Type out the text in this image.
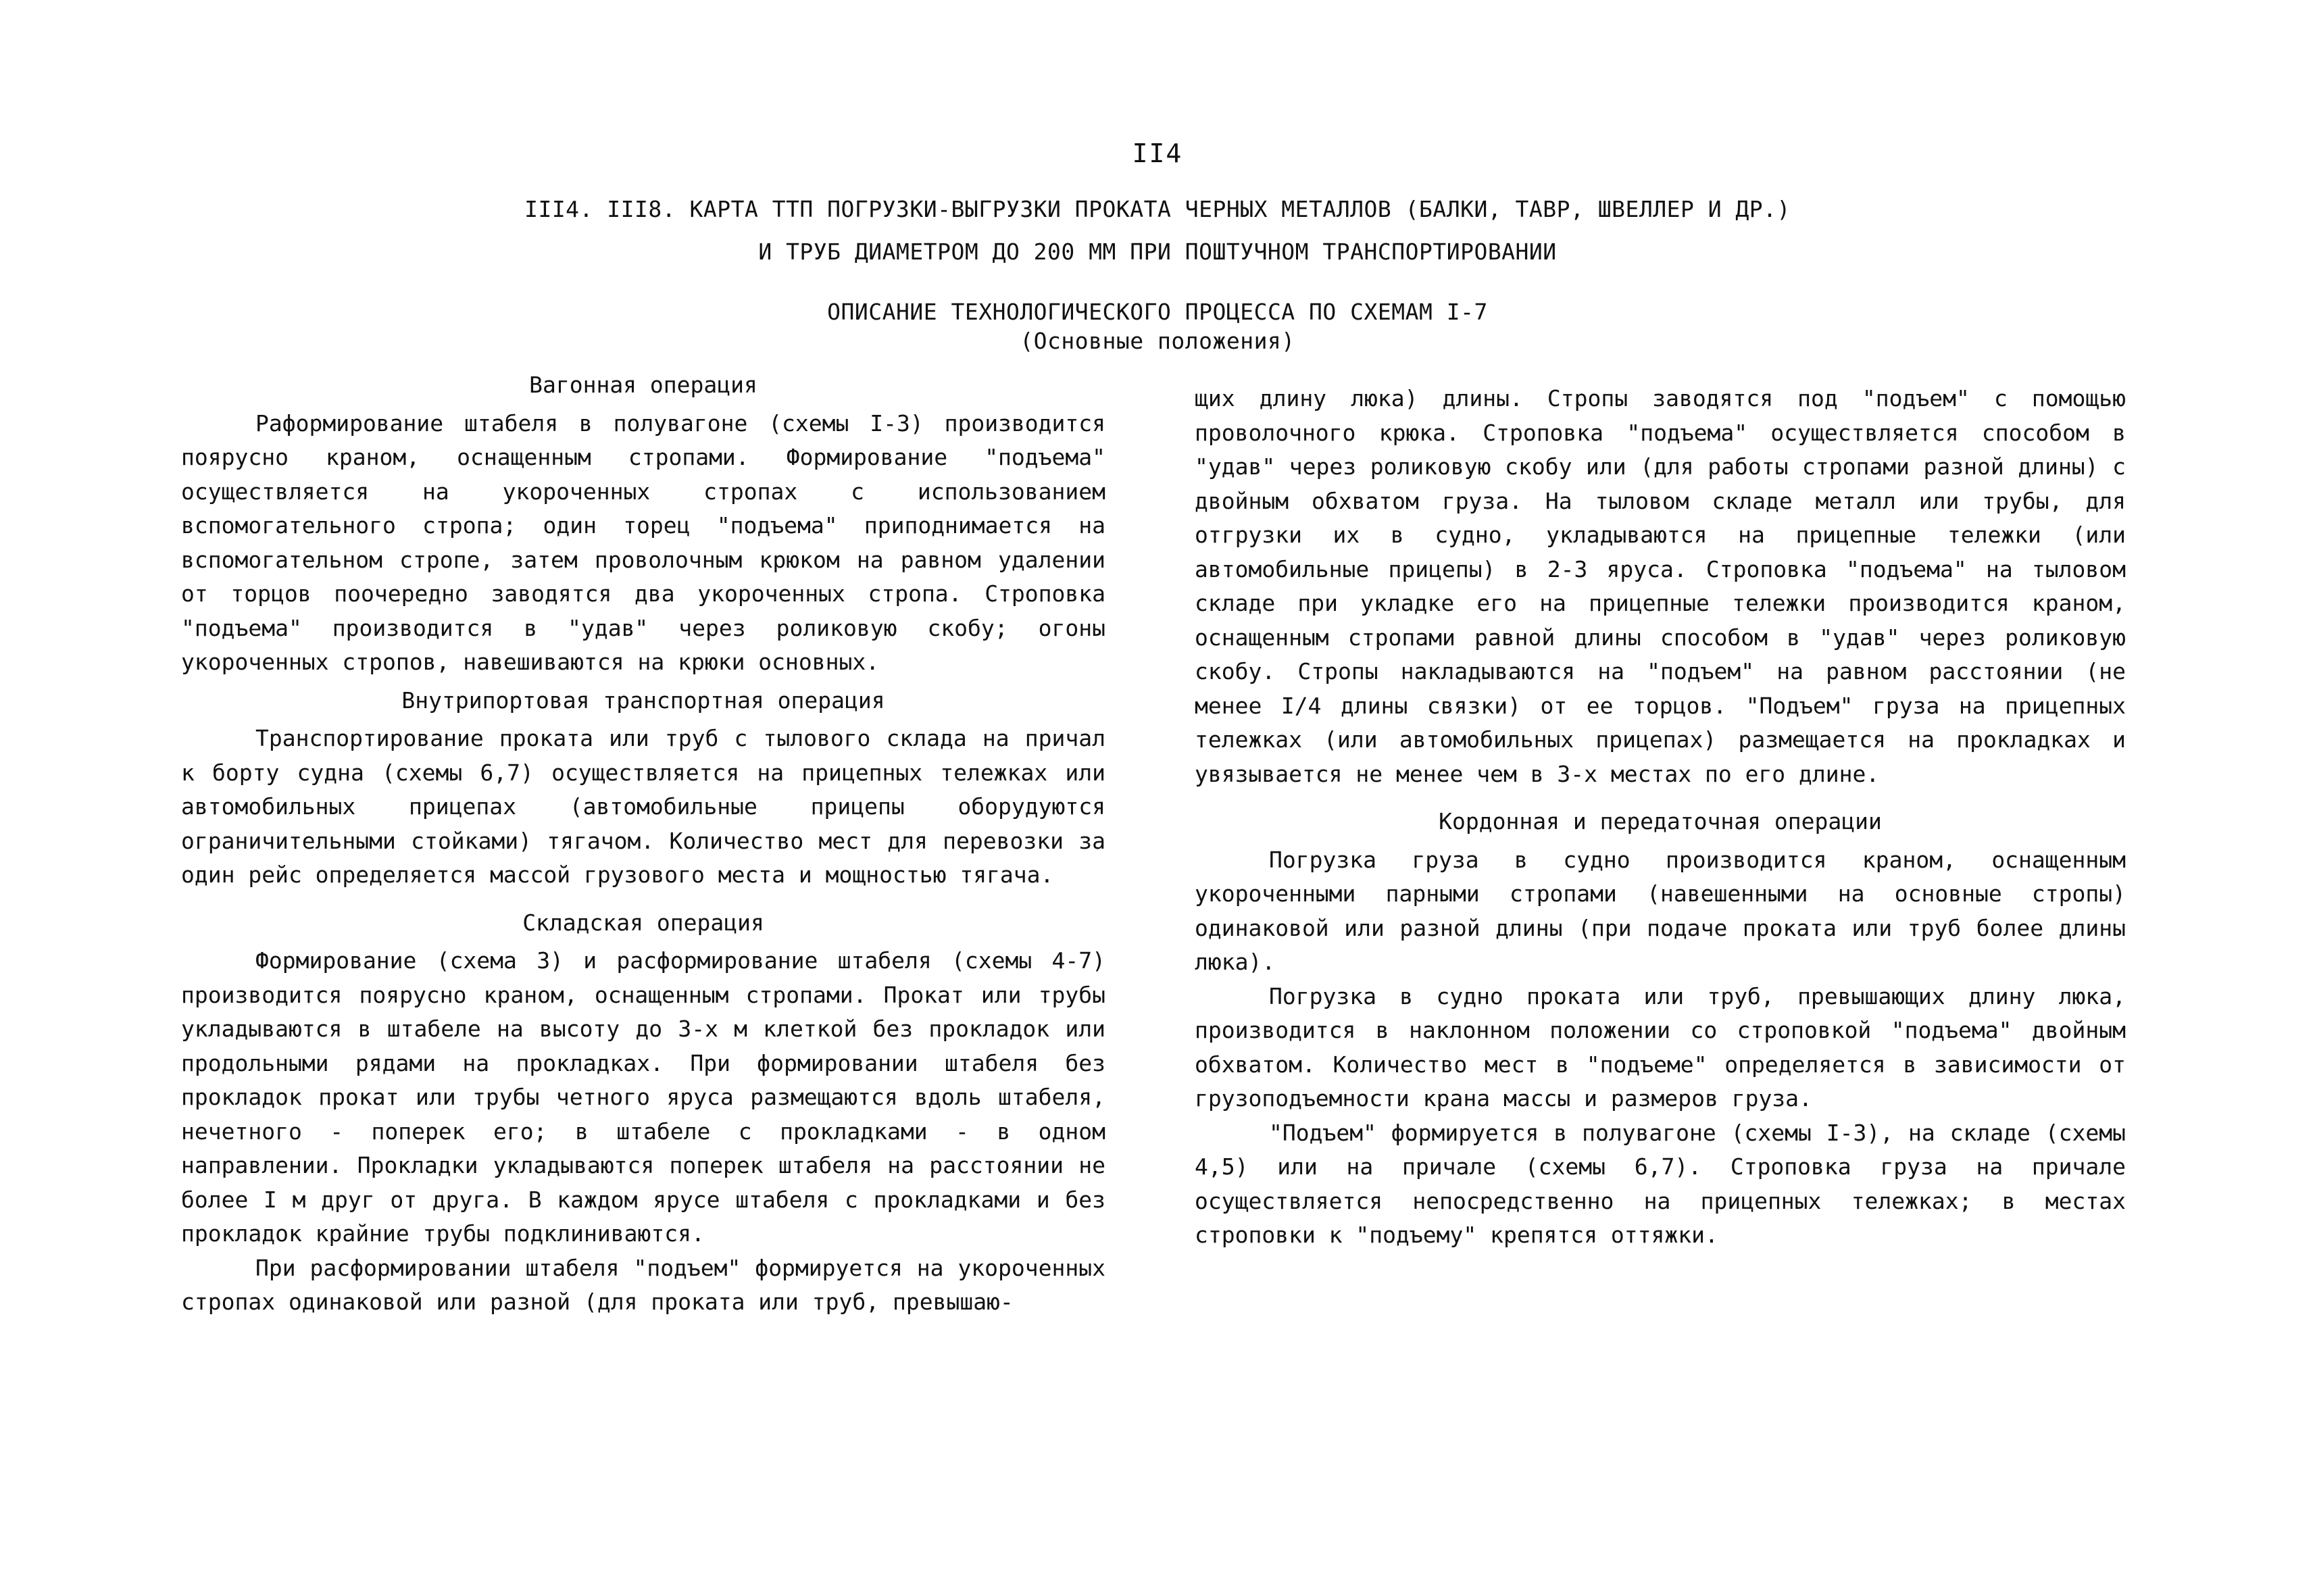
II4
III4. III8. КАРТА ТТП ПОГРУЗКИ-ВЫГРУЗКИ ПРОКАТА ЧЕРНЫХ МЕТАЛЛОВ (БАЛКИ, ТАВР, ШВЕЛЛЕР И ДР.)
И ТРУБ ДИАМЕТРОМ ДО 200 ММ ПРИ ПОШТУЧНОМ ТРАНСПОРТИРОВАНИИ
ОПИСАНИЕ ТЕХНОЛОГИЧЕСКОГО ПРОЦЕССА ПО СХЕМАМ I-7
(Основные положения)
Вагонная операция

Раформирование штабеля в полувагоне (схемы I-3) производится поярусно краном, оснащенным стропами. Формирование "подъема" осуществляется на укороченных стропах с использованием вспомогательного стропа; один торец "подъема" приподнимается на вспомогательном стропе, затем проволочным крюком на равном удалении от торцов поочередно заводятся два укороченных стропа. Строповка "подъема" производится в "удав" через роликовую скобу; огоны укороченных стропов, навешиваются на крюки основных.

Внутрипортовая транспортная операция

Транспортирование проката или труб с тылового склада на причал к борту судна (схемы 6,7) осуществляется на прицепных тележках или автомобильных прицепах (автомобильные прицепы оборудуются ограничительными стойками) тягачом. Количество мест для перевозки за один рейс определяется массой грузового места и мощностью тягача.

Складская операция

Формирование (схема 3) и расформирование штабеля (схемы 4-7) производится поярусно краном, оснащенным стропами. Прокат или трубы укладываются в штабеле на высоту до 3-х м клеткой без прокладок или продольными рядами на прокладках. При формировании штабеля без прокладок прокат или трубы четного яруса размещаются вдоль штабеля, нечетного - поперек его; в штабеле с прокладками - в одном направлении. Прокладки укладываются поперек штабеля на расстоянии не более I м друг от друга. В каждом ярусе штабеля с прокладками и без прокладок крайние трубы подклиниваются.

При расформировании штабеля "подъем" формируется на укороченных стропах одинаковой или разной (для проката или труб, превышаю-

щих длину люка) длины. Стропы заводятся под "подъем" с помощью проволочного крюка. Строповка "подъема" осуществляется способом в "удав" через роликовую скобу или (для работы стропами разной длины) с двойным обхватом груза. На тыловом складе металл или трубы, для отгрузки их в судно, укладываются на прицепные тележки (или автомобильные прицепы) в 2-3 яруса. Строповка "подъема" на тыловом складе при укладке его на прицепные тележки производится краном, оснащенным стропами равной длины способом в "удав" через роликовую скобу. Стропы накладываются на "подъем" на равном расстоянии (не менее I/4 длины связки) от ее торцов. "Подъем" груза на прицепных тележках (или автомобильных прицепах) размещается на прокладках и увязывается не менее чем в 3-х местах по его длине.

Кордонная и передаточная операции

Погрузка груза в судно производится краном, оснащенным укороченными парными стропами (навешенными на основные стропы) одинаковой или разной длины (при подаче проката или труб более длины люка).

Погрузка в судно проката или труб, превышающих длину люка, производится в наклонном положении со строповкой "подъема" двойным обхватом. Количество мест в "подъеме" определяется в зависимости от грузоподъемности крана массы и размеров груза.

"Подъем" формируется в полувагоне (схемы I-3), на складе (схемы 4,5) или на причале (схемы 6,7). Строповка груза на причале осуществляется непосредственно на прицепных тележках; в местах строповки к "подъему" крепятся оттяжки.
